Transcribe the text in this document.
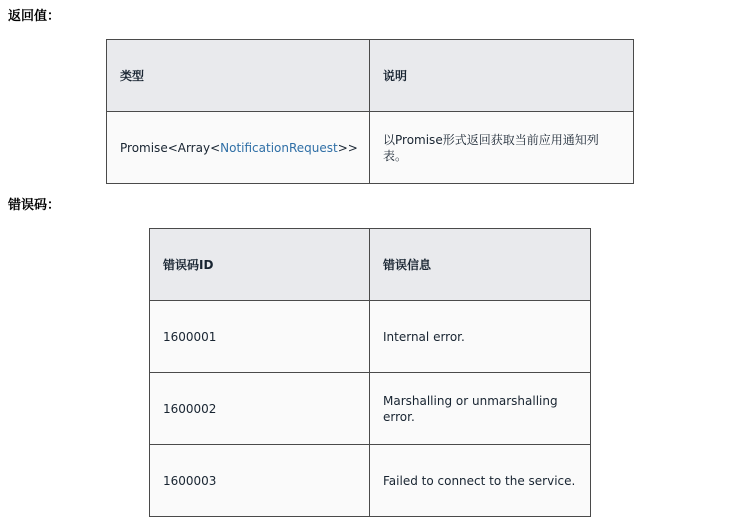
返回值：
类型	说明
Promise<Array<NotificationRequest>>	以Promise形式返回获取当前应用通知列表。
错误码：
错误码ID	错误信息
1600001	Internal error.
1600002	Marshalling or unmarshalling error.
1600003	Failed to connect to the service.
